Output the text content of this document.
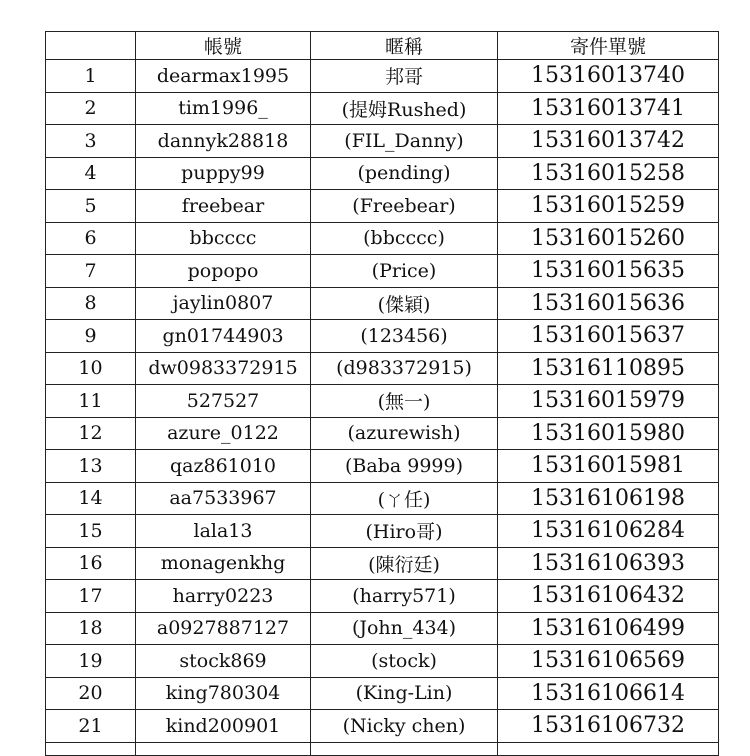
	帳號	暱稱	寄件單號
1	dearmax1995	邦哥	15316013740
2	tim1996_	(提姆Rushed)	15316013741
3	dannyk28818	(FIL_Danny)	15316013742
4	puppy99	(pending)	15316015258
5	freebear	(Freebear)	15316015259
6	bbcccc	(bbcccc)	15316015260
7	popopo	(Price)	15316015635
8	jaylin0807	(傑穎)	15316015636
9	gn01744903	(123456)	15316015637
10	dw0983372915	(d983372915)	15316110895
11	527527	(無一)	15316015979
12	azure_0122	(azurewish)	15316015980
13	qaz861010	(Baba 9999)	15316015981
14	aa7533967	(ㄚ任)	15316106198
15	lala13	(Hiro哥)	15316106284
16	monagenkhg	(陳衍廷)	15316106393
17	harry0223	(harry571)	15316106432
18	a0927887127	(John_434)	15316106499
19	stock869	(stock)	15316106569
20	king780304	(King-Lin)	15316106614
21	kind200901	(Nicky chen)	15316106732
